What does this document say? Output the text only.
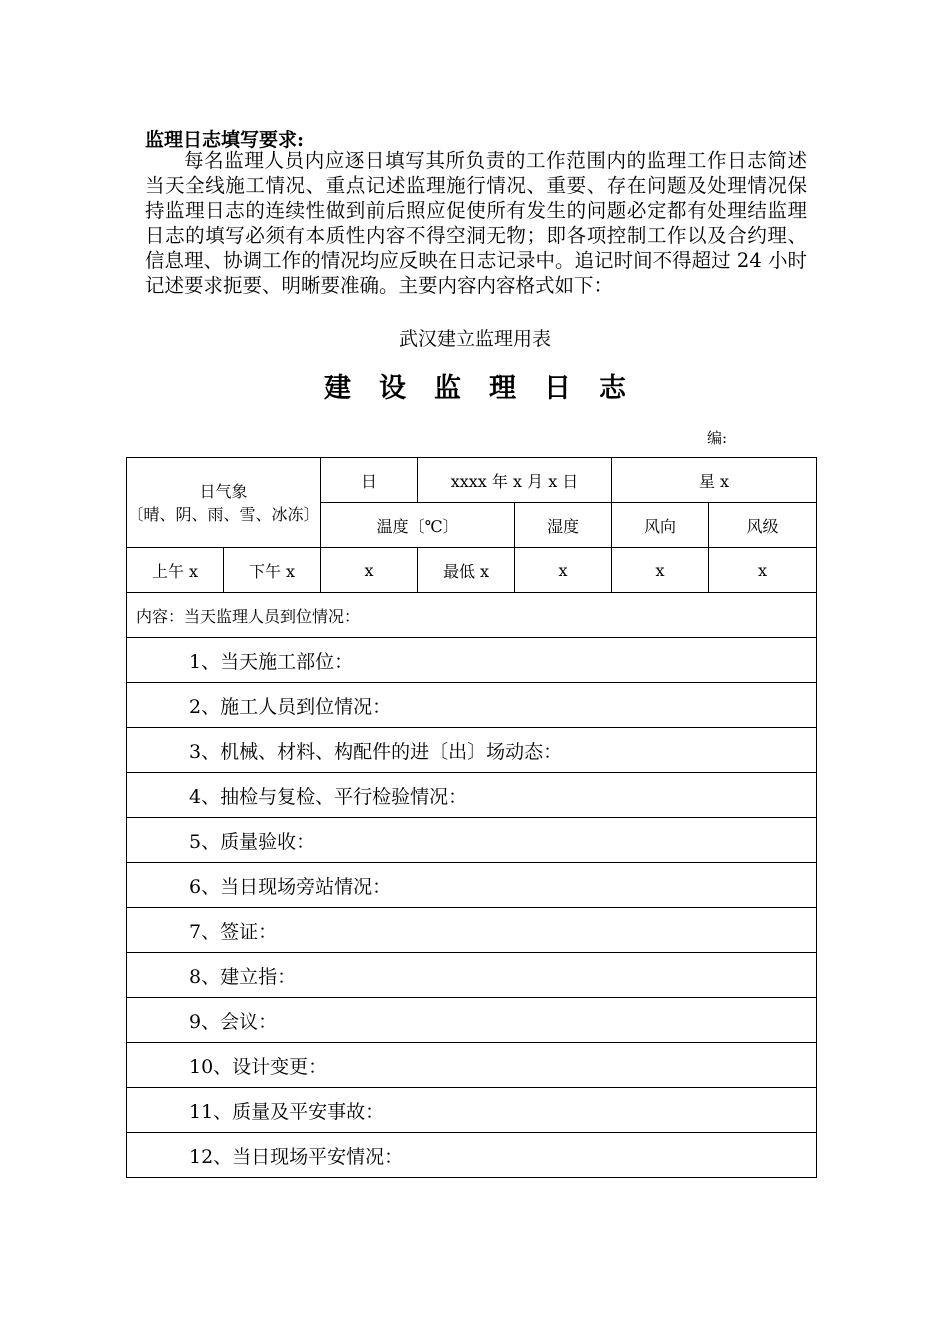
监理日志填写要求:
每名监理人员内应逐日填写其所负责的工作范围内的监理工作日志简述当天全线施工情况、重点记述监理施行情况、重要、存在问题及处理情况保持监理日志的连续性做到前后照应促使所有发生的问题必定都有处理结监理日志的填写必须有本质性内容不得空洞无物；即各项控制工作以及合约理、信息理、协调工作的情况均应反映在日志记录中。追记时间不得超过 24 小时记述要求扼要、明晰要准确。主要内容内容格式如下：
武汉建立监理用表
建设监理日志
编:
日气象
〔晴、阴、雨、雪、冰冻〕		日	xxxx 年 x 月 x 日		星 x	
		温度〔℃〕		湿度	风向	风级
上午 x	下午 x	x	最低 x	x	x	x
内容：当天监理人员到位情况：						
1、当天施工部位：						
2、施工人员到位情况：						
3、机械、材料、构配件的进〔出〕场动态：						
4、抽检与复检、平行检验情况：						
5、质量验收：						
6、当日现场旁站情况：						
7、签证：						
8、建立指：						
9、会议：						
10、设计变更：						
11、质量及平安事故：						
12、当日现场平安情况：						
